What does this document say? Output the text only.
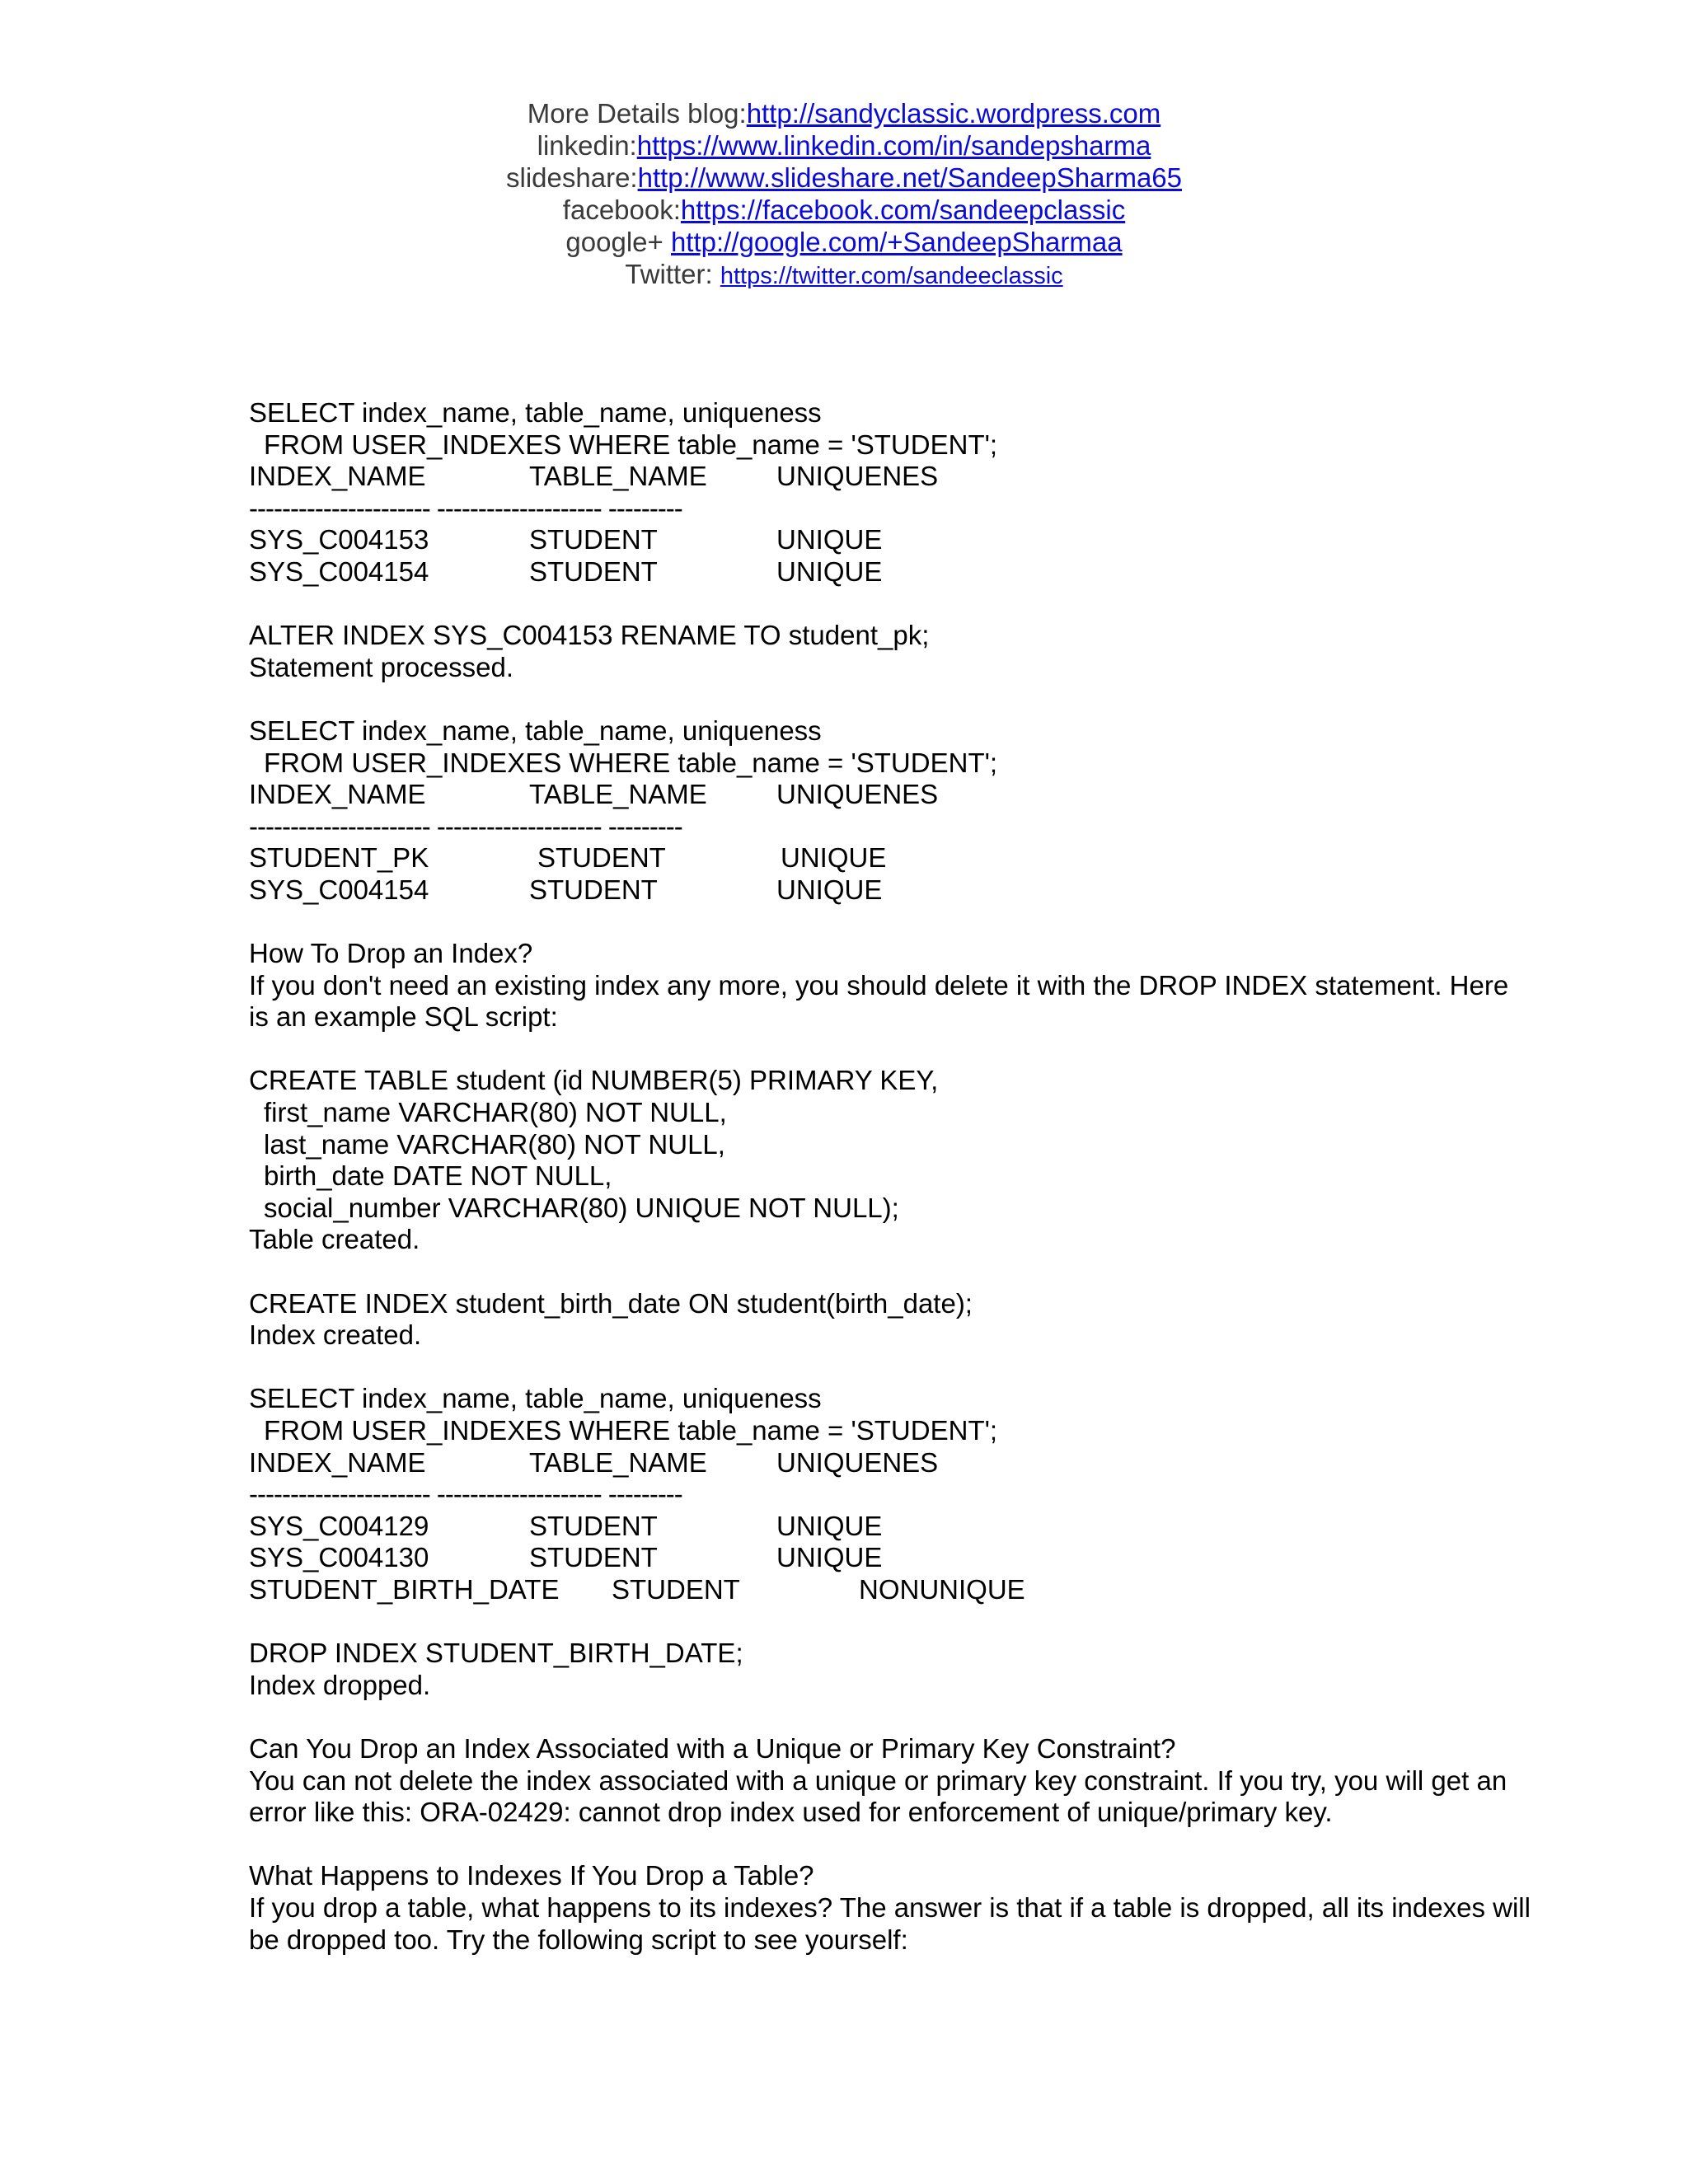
More Details blog:http://sandyclassic.wordpress.com
linkedin:https://www.linkedin.com/in/sandepsharma
slideshare:http://www.slideshare.net/SandeepSharma65
facebook:https://facebook.com/sandeepclassic
google+ http://google.com/+SandeepSharmaa
Twitter: https://twitter.com/sandeeclassic
SELECT index_name, table_name, uniqueness
FROM USER_INDEXES WHERE table_name = 'STUDENT';
INDEX_NAME	TABLE_NAME	UNIQUENES
---------------------- -------------------- ---------
SYS_C004153	STUDENT	UNIQUE
SYS_C004154	STUDENT	UNIQUE
ALTER INDEX SYS_C004153 RENAME TO student_pk;
Statement processed.
SELECT index_name, table_name, uniqueness
FROM USER_INDEXES WHERE table_name = 'STUDENT';
INDEX_NAME	TABLE_NAME	UNIQUENES
---------------------- -------------------- ---------
STUDENT_PK	STUDENT	UNIQUE
SYS_C004154	STUDENT	UNIQUE
How To Drop an Index?
If you don't need an existing index any more, you should delete it with the DROP INDEX statement. Here is an example SQL script:
CREATE TABLE student (id NUMBER(5) PRIMARY KEY,
first_name VARCHAR(80) NOT NULL,
last_name VARCHAR(80) NOT NULL,
birth_date DATE NOT NULL,
social_number VARCHAR(80) UNIQUE NOT NULL);
Table created.
CREATE INDEX student_birth_date ON student(birth_date);
Index created.
SELECT index_name, table_name, uniqueness
FROM USER_INDEXES WHERE table_name = 'STUDENT';
INDEX_NAME	TABLE_NAME	UNIQUENES
---------------------- -------------------- ---------
SYS_C004129	STUDENT	UNIQUE
SYS_C004130	STUDENT	UNIQUE
STUDENT_BIRTH_DATE	STUDENT	NONUNIQUE
DROP INDEX STUDENT_BIRTH_DATE;
Index dropped.
Can You Drop an Index Associated with a Unique or Primary Key Constraint?
You can not delete the index associated with a unique or primary key constraint. If you try, you will get an error like this: ORA-02429: cannot drop index used for enforcement of unique/primary key.
What Happens to Indexes If You Drop a Table?
If you drop a table, what happens to its indexes? The answer is that if a table is dropped, all its indexes will be dropped too. Try the following script to see yourself:
